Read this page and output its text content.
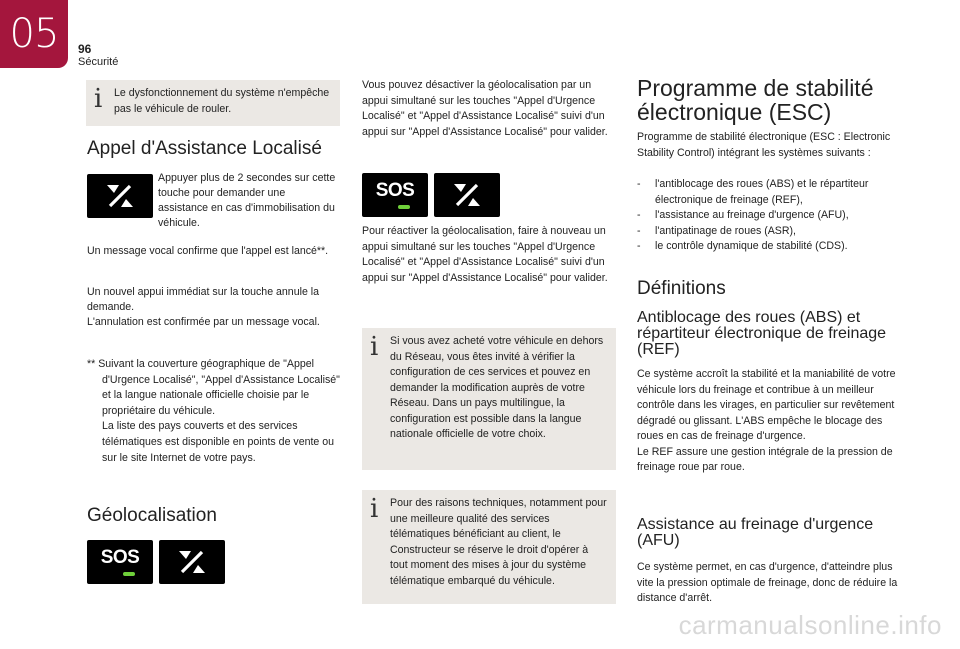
05 96
Sécurité
i Le dysfonctionnement du système n'empêche pas le véhicule de rouler.
Appel d'Assistance Localisé
Appuyer plus de 2 secondes sur cette touche pour demander une assistance en cas d'immobilisation du véhicule.
Un message vocal confirme que l'appel est lancé**.

Un nouvel appui immédiat sur la touche annule la demande.

L'annulation est confirmée par un message vocal.

** Suivant la couverture géographique de "Appel d'Urgence Localisé", "Appel d'Assistance Localisé" et la langue nationale officielle choisie par le propriétaire du véhicule.

La liste des pays couverts et des services télématiques est disponible en points de vente ou sur le site Internet de votre pays.

Géolocalisation
SOS
Vous pouvez désactiver la géolocalisation par un appui simultané sur les touches "Appel d'Urgence Localisé" et "Appel d'Assistance Localisé" suivi d'un appui sur "Appel d'Assistance Localisé" pour valider.
SOS
Pour réactiver la géolocalisation, faire à nouveau un appui simultané sur les touches "Appel d'Urgence Localisé" et "Appel d'Assistance Localisé" suivi d'un appui sur "Appel d'Assistance Localisé" pour valider.
i Si vous avez acheté votre véhicule en dehors du Réseau, vous êtes invité à vérifier la configuration de ces services et pouvez en demander la modification auprès de votre Réseau. Dans un pays multilingue, la configuration est possible dans la langue nationale officielle de votre choix.
i Pour des raisons techniques, notamment pour une meilleure qualité des services télématiques bénéficiant au client, le Constructeur se réserve le droit d'opérer à tout moment des mises à jour du système télématique embarqué du véhicule.
Programme de stabilité électronique (ESC)
Programme de stabilité électronique (ESC : Electronic Stability Control) intégrant les systèmes suivants :
- l'antiblocage des roues (ABS) et le répartiteur électronique de freinage (REF),
- l'assistance au freinage d'urgence (AFU),
- l'antipatinage de roues (ASR),
- le contrôle dynamique de stabilité (CDS).
Définitions
Antiblocage des roues (ABS) et répartiteur électronique de freinage (REF)

Ce système accroît la stabilité et la maniabilité de votre véhicule lors du freinage et contribue à un meilleur contrôle dans les virages, en particulier sur revêtement dégradé ou glissant. L'ABS empêche le blocage des roues en cas de freinage d'urgence.

Le REF assure une gestion intégrale de la pression de freinage roue par roue.

Assistance au freinage d'urgence (AFU)
Ce système permet, en cas d'urgence, d'atteindre plus vite la pression optimale de freinage, donc de réduire la distance d'arrêt.
carmanualsonline.info
